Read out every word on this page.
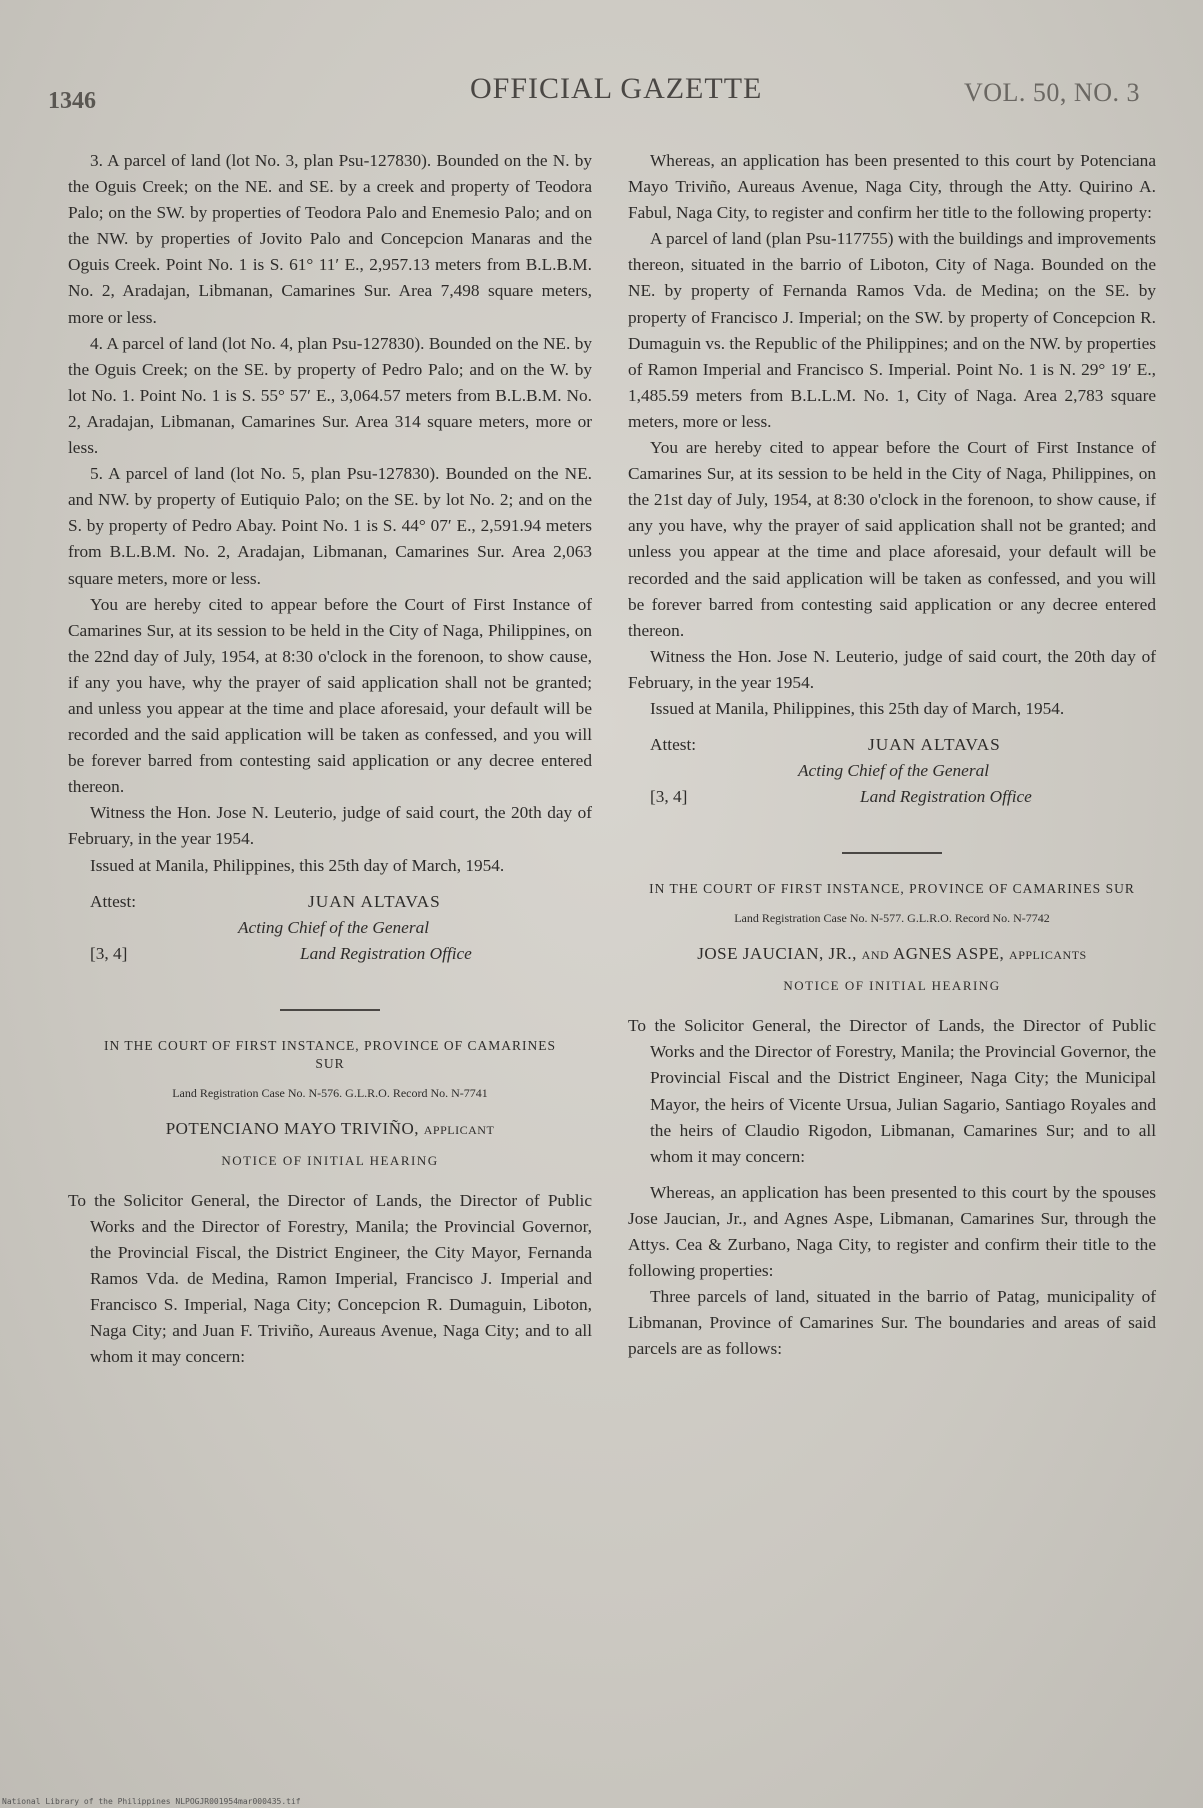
1346	OFFICIAL GAZETTE	VOL. 50, NO. 3

3. A parcel of land (lot No. 3, plan Psu-127830). Bounded on the N. by the Oguis Creek; on the NE. and SE. by a creek and property of Teodora Palo; on the SW. by properties of Teodora Palo and Enemesio Palo; and on the NW. by properties of Jovito Palo and Concepcion Manaras and the Oguis Creek. Point No. 1 is S. 61° 11′ E., 2,957.13 meters from B.L.B.M. No. 2, Aradajan, Libmanan, Camarines Sur. Area 7,498 square meters, more or less.

4. A parcel of land (lot No. 4, plan Psu-127830). Bounded on the NE. by the Oguis Creek; on the SE. by property of Pedro Palo; and on the W. by lot No. 1. Point No. 1 is S. 55° 57′ E., 3,064.57 meters from B.L.B.M. No. 2, Aradajan, Libmanan, Camarines Sur. Area 314 square meters, more or less.

5. A parcel of land (lot No. 5, plan Psu-127830). Bounded on the NE. and NW. by property of Eutiquio Palo; on the SE. by lot No. 2; and on the S. by property of Pedro Abay. Point No. 1 is S. 44° 07′ E., 2,591.94 meters from B.L.B.M. No. 2, Aradajan, Libmanan, Camarines Sur. Area 2,063 square meters, more or less.

You are hereby cited to appear before the Court of First Instance of Camarines Sur, at its session to be held in the City of Naga, Philippines, on the 22nd day of July, 1954, at 8:30 o'clock in the forenoon, to show cause, if any you have, why the prayer of said application shall not be granted; and unless you appear at the time and place aforesaid, your default will be recorded and the said application will be taken as confessed, and you will be forever barred from contesting said application or any decree entered thereon.

Witness the Hon. Jose N. Leuterio, judge of said court, the 20th day of February, in the year 1954.

Issued at Manila, Philippines, this 25th day of March, 1954.

Attest:	JUAN ALTAVAS
Acting Chief of the General
[3, 4]	Land Registration Office
IN THE COURT OF FIRST INSTANCE, PROVINCE OF CAMARINES SUR
Land Registration Case No. N-576. G.L.R.O. Record No. N-7741
POTENCIANO MAYO TRIVIÑO, applicant
NOTICE OF INITIAL HEARING

To the Solicitor General, the Director of Lands, the Director of Public Works and the Director of Forestry, Manila; the Provincial Governor, the Provincial Fiscal, the District Engineer, the City Mayor, Fernanda Ramos Vda. de Medina, Ramon Imperial, Francisco J. Imperial and Francisco S. Imperial, Naga City; Concepcion R. Dumaguin, Liboton, Naga City; and Juan F. Triviño, Aureaus Avenue, Naga City; and to all whom it may concern:

Whereas, an application has been presented to this court by Potenciana Mayo Triviño, Aureaus Avenue, Naga City, through the Atty. Quirino A. Fabul, Naga City, to register and confirm her title to the following property:

A parcel of land (plan Psu-117755) with the buildings and improvements thereon, situated in the barrio of Liboton, City of Naga. Bounded on the NE. by property of Fernanda Ramos Vda. de Medina; on the SE. by property of Francisco J. Imperial; on the SW. by property of Concepcion R. Dumaguin vs. the Republic of the Philippines; and on the NW. by properties of Ramon Imperial and Francisco S. Imperial. Point No. 1 is N. 29° 19′ E., 1,485.59 meters from B.L.L.M. No. 1, City of Naga. Area 2,783 square meters, more or less.

You are hereby cited to appear before the Court of First Instance of Camarines Sur, at its session to be held in the City of Naga, Philippines, on the 21st day of July, 1954, at 8:30 o'clock in the forenoon, to show cause, if any you have, why the prayer of said application shall not be granted; and unless you appear at the time and place aforesaid, your default will be recorded and the said application will be taken as confessed, and you will be forever barred from contesting said application or any decree entered thereon.

Witness the Hon. Jose N. Leuterio, judge of said court, the 20th day of February, in the year 1954.

Issued at Manila, Philippines, this 25th day of March, 1954.

Attest:	JUAN ALTAVAS
Acting Chief of the General
[3, 4]	Land Registration Office
IN THE COURT OF FIRST INSTANCE, PROVINCE OF CAMARINES SUR
Land Registration Case No. N-577. G.L.R.O. Record No. N-7742
JOSE JAUCIAN, JR., and AGNES ASPE, applicants
NOTICE OF INITIAL HEARING

To the Solicitor General, the Director of Lands, the Director of Public Works and the Director of Forestry, Manila; the Provincial Governor, the Provincial Fiscal and the District Engineer, Naga City; the Municipal Mayor, the heirs of Vicente Ursua, Julian Sagario, Santiago Royales and the heirs of Claudio Rigodon, Libmanan, Camarines Sur; and to all whom it may concern:

Whereas, an application has been presented to this court by the spouses Jose Jaucian, Jr., and Agnes Aspe, Libmanan, Camarines Sur, through the Attys. Cea & Zurbano, Naga City, to register and confirm their title to the following properties:

Three parcels of land, situated in the barrio of Patag, municipality of Libmanan, Province of Camarines Sur. The boundaries and areas of said parcels are as follows:

National Library of the Philippines NLPOGJR001954mar000435.tif
